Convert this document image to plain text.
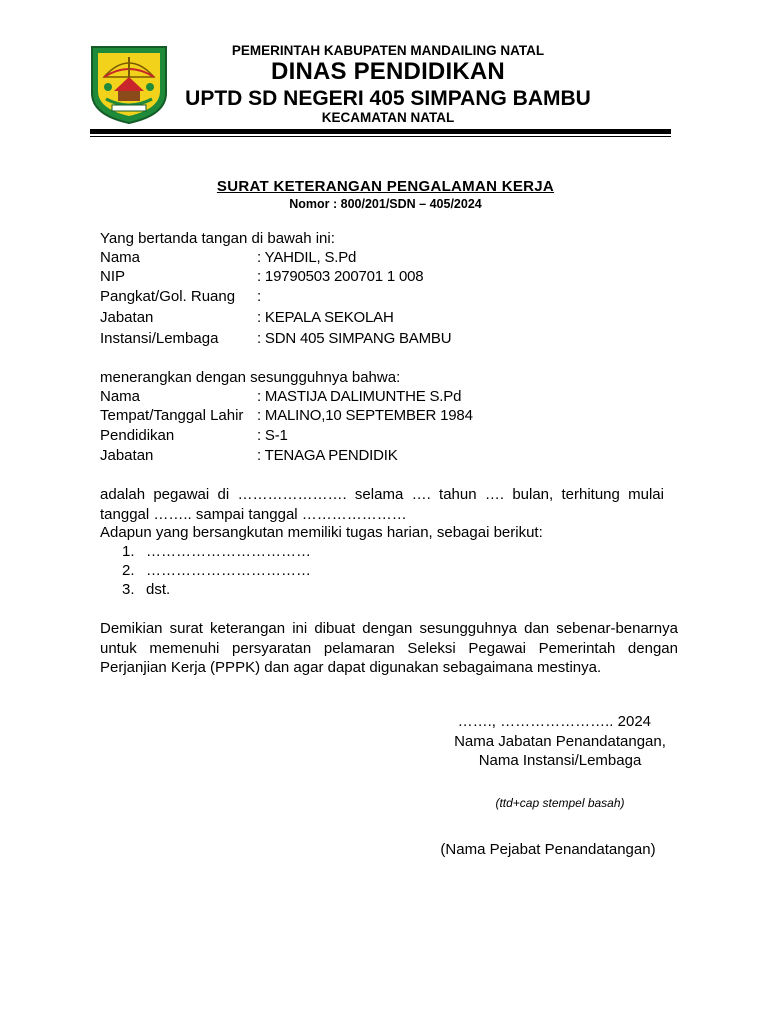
PEMERINTAH KABUPATEN MANDAILING NATAL
DINAS PENDIDIKAN
UPTD SD NEGERI 405 SIMPANG BAMBU
KECAMATAN NATAL
SURAT KETERANGAN PENGALAMAN KERJA
Nomor : 800/201/SDN – 405/2024
Yang bertanda tangan di bawah ini:
Nama	: YAHDIL, S.Pd
NIP	: 19790503 200701 1 008
Pangkat/Gol. Ruang :
Jabatan	: KEPALA SEKOLAH
Instansi/Lembaga	: SDN 405 SIMPANG BAMBU
menerangkan dengan sesungguhnya bahwa:
Nama	: MASTIJA DALIMUNTHE S.Pd
Tempat/Tanggal Lahir : MALINO,10 SEPTEMBER 1984
Pendidikan	: S-1
Jabatan	: TENAGA PENDIDIK
adalah pegawai di …………………. selama …. tahun …. bulan, terhitung mulai tanggal …….. sampai tanggal …………………
Adapun yang bersangkutan memiliki tugas harian, sebagai berikut:
1. ……………………………
2. ……………………………
3. dst.
Demikian surat keterangan ini dibuat dengan sesungguhnya dan sebenar-benarnya untuk memenuhi persyaratan pelamaran Seleksi Pegawai Pemerintah dengan Perjanjian Kerja (PPPK) dan agar dapat digunakan sebagaimana mestinya.
……., ………………….. 2024
Nama Jabatan Penandatangan,
Nama Instansi/Lembaga
(ttd+cap stempel basah)
(Nama Pejabat Penandatangan)
